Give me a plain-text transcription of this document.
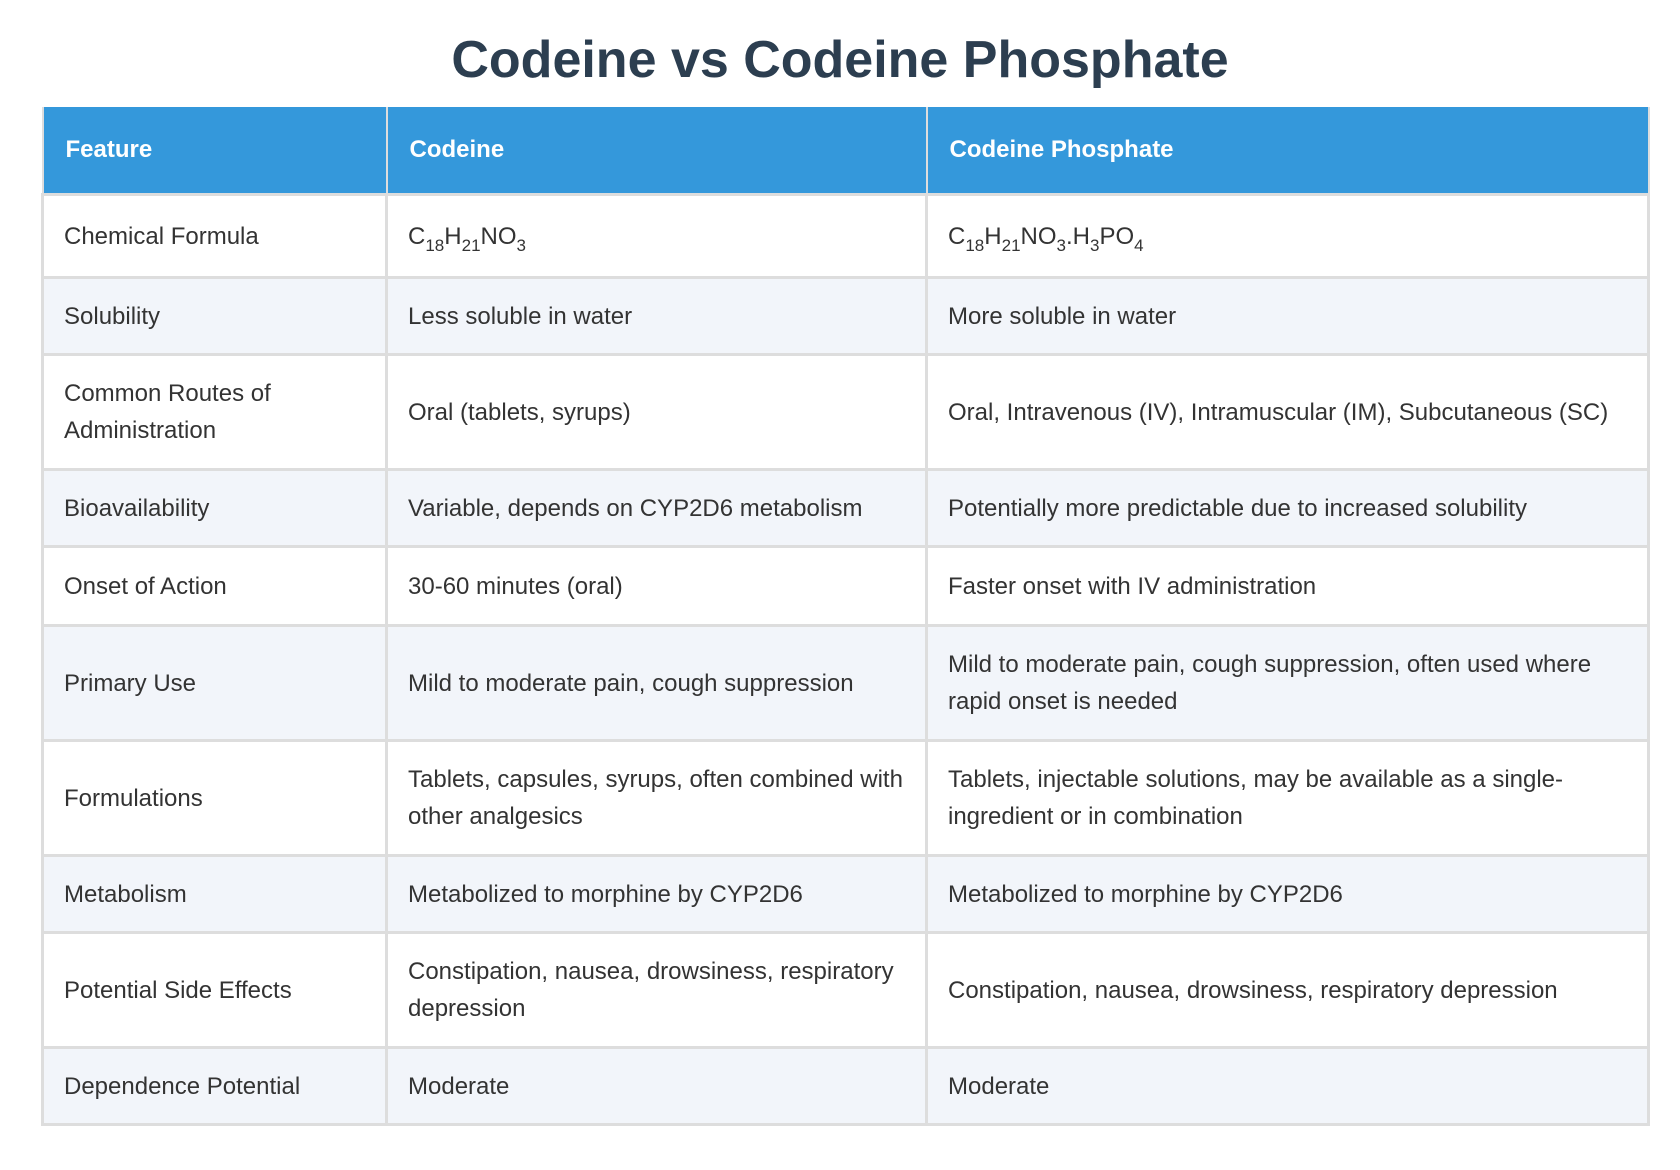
Codeine vs Codeine Phosphate
Feature	Codeine	Codeine Phosphate
Chemical Formula	$C_{18}H_{21}NO_3$	$C_{18}H_{21}NO_3.H_3PO_4$
Solubility	Less soluble in water	More soluble in water
Common Routes of Administration	Oral (tablets, syrups)	Oral, Intravenous (IV), Intramuscular (IM), Subcutaneous (SC)
Bioavailability	Variable, depends on CYP2D6 metabolism	Potentially more predictable due to increased solubility
Onset of Action	30-60 minutes (oral)	Faster onset with IV administration
Primary Use	Mild to moderate pain, cough suppression	Mild to moderate pain, cough suppression, often used where rapid onset is needed
Formulations	Tablets, capsules, syrups, often combined with other analgesics	Tablets, injectable solutions, may be available as a single-ingredient or in combination
Metabolism	Metabolized to morphine by CYP2D6	Metabolized to morphine by CYP2D6
Potential Side Effects	Constipation, nausea, drowsiness, respiratory depression	Constipation, nausea, drowsiness, respiratory depression
Dependence Potential	Moderate	Moderate
